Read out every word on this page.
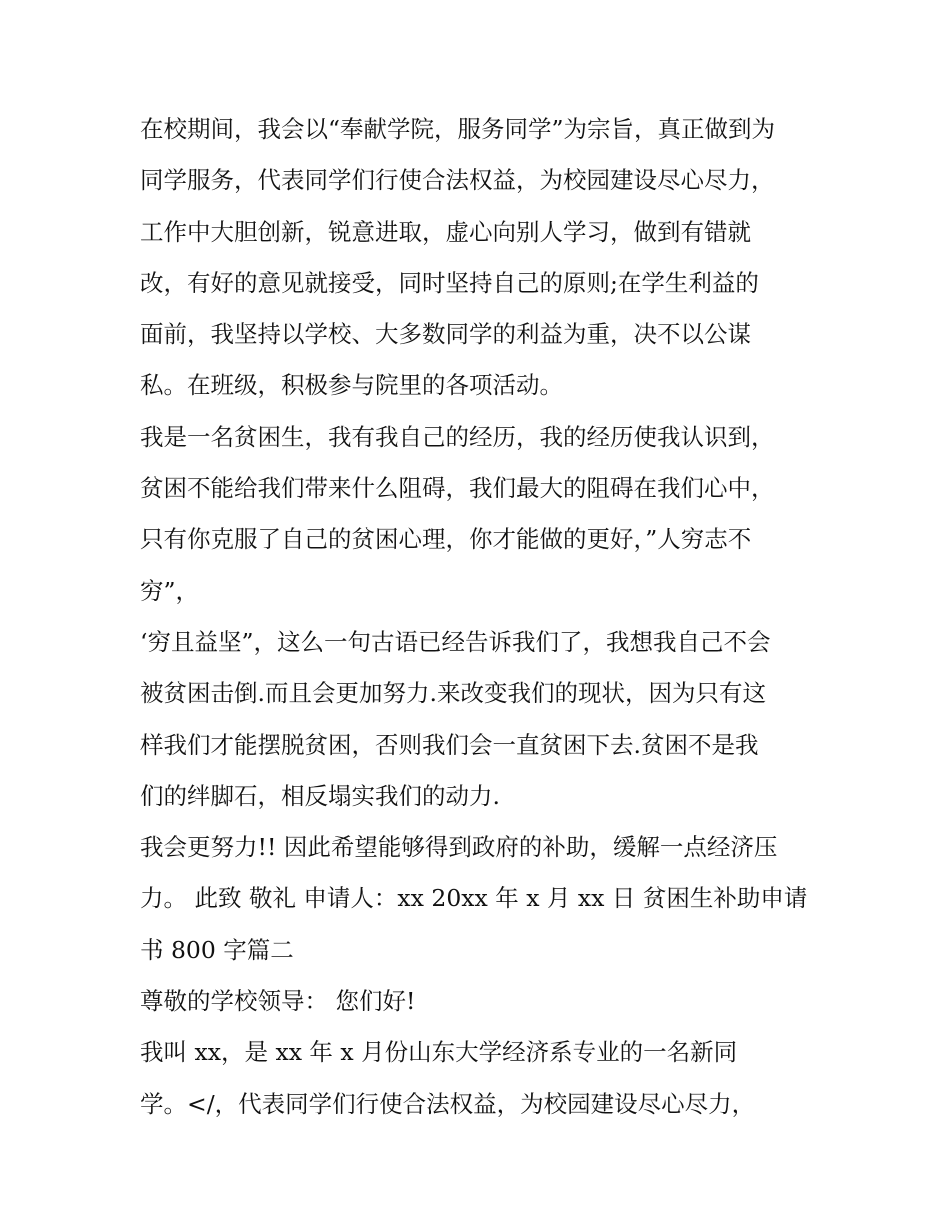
在校期间，我会以“奉献学院，服务同学”为宗旨，真正做到为
同学服务，代表同学们行使合法权益，为校园建设尽心尽力，
工作中大胆创新，锐意进取，虚心向别人学习，做到有错就
改，有好的意见就接受，同时坚持自己的原则;在学生利益的
面前，我坚持以学校、大多数同学的利益为重，决不以公谋
私。在班级，积极参与院里的各项活动。
我是一名贫困生，我有我自己的经历，我的经历使我认识到，
贫困不能给我们带来什么阻碍，我们最大的阻碍在我们心中，
只有你克服了自己的贫困心理，你才能做的更好，”人穷志不
穷”，
‘穷且益坚”，这么一句古语已经告诉我们了，我想我自己不会
被贫困击倒.而且会更加努力.来改变我们的现状，因为只有这
样我们才能摆脱贫困，否则我们会一直贫困下去.贫困不是我
们的绊脚石，相反塌实我们的动力.
我会更努力!! 因此希望能够得到政府的补助，缓解一点经济压
力。 此致 敬礼 申请人：xx 20xx 年 x 月 xx 日 贫困生补助申请
书 800 字篇二
尊敬的学校领导： 您们好!
我叫 xx，是 xx 年 x 月份山东大学经济系专业的一名新同
学。</，代表同学们行使合法权益，为校园建设尽心尽力，
